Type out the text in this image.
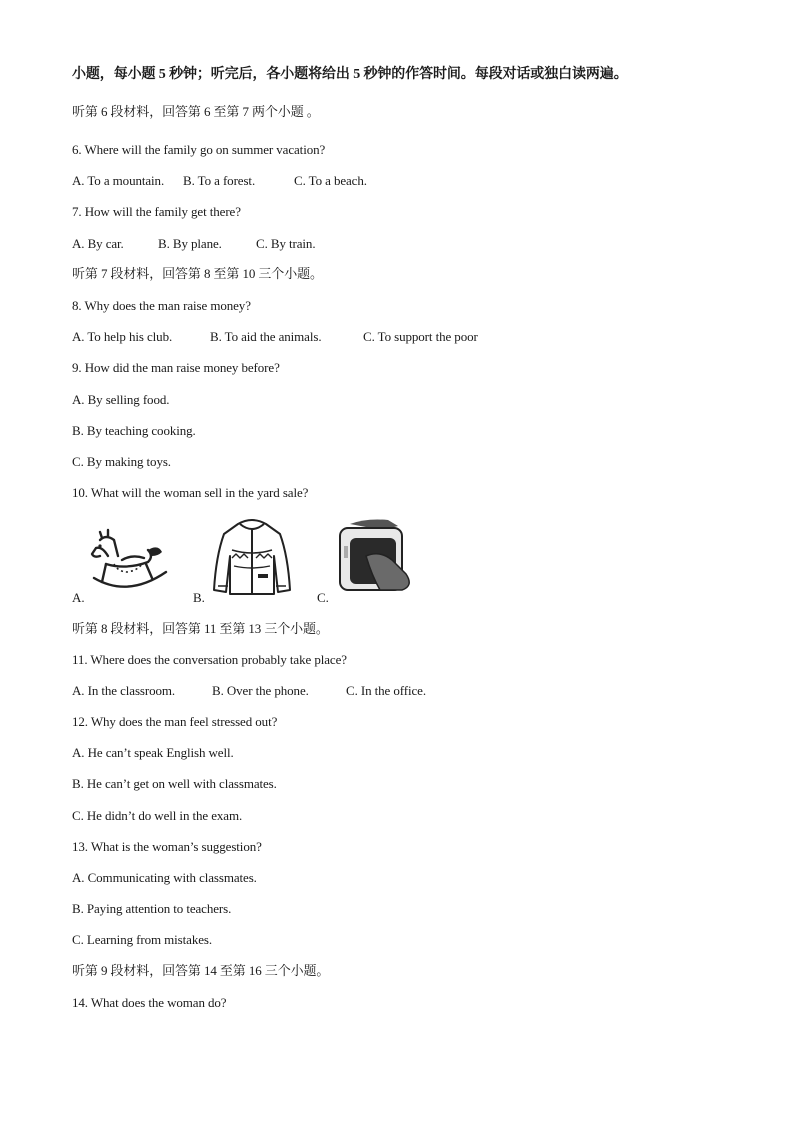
小题，每小题 5 秒钟；听完后，各小题将给出 5 秒钟的作答时间。每段对话或独白读两遍。
听第 6 段材料，回答第 6 至第 7 两个小题 。
6. Where will the family go on summer vacation?
A. To a mountain. B. To a forest.	C. To a beach.
7. How will the family get there?
A. By car.	B. By plane.	C. By train.
听第 7 段材料，回答第 8 至第 10 三个小题。
8. Why does the man raise money?
A. To help his club.	B. To aid the animals.	C. To support the poor
9. How did the man raise money before?
A. By selling food.
B. By teaching cooking.
C. By making toys.
10. What will the woman sell in the yard sale?
A.	B.	C.
听第 8 段材料，回答第 11 至第 13 三个小题。
11. Where does the conversation probably take place?
A. In the classroom.	B. Over the phone.	C. In the office.
12. Why does the man feel stressed out?
A. He can’t speak English well.
B. He can’t get on well with classmates.
C. He didn’t do well in the exam.
13. What is the woman’s suggestion?
A. Communicating with classmates.
B. Paying attention to teachers.
C. Learning from mistakes.
听第 9 段材料，回答第 14 至第 16 三个小题。
14. What does the woman do?
